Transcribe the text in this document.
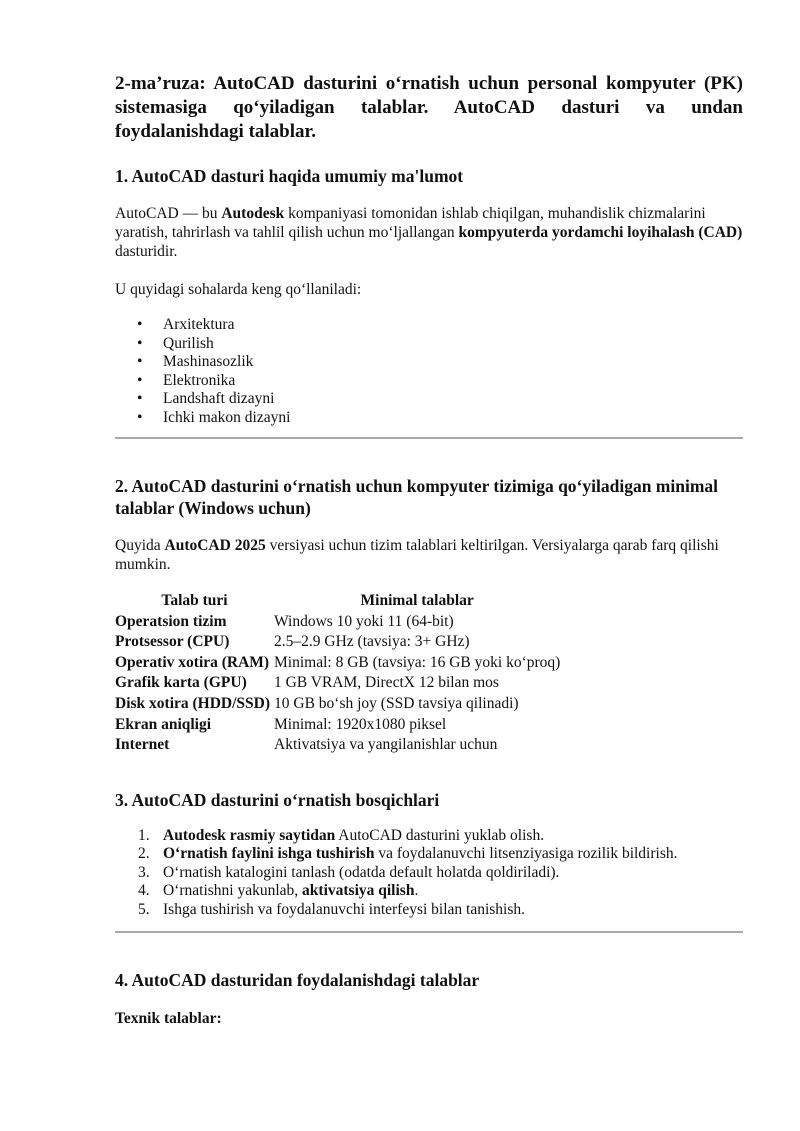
2-ma’ruza: AutoCAD dasturini o‘rnatish uchun personal kompyuter (PK) sistemasiga qo‘yiladigan talablar. AutoCAD dasturi va undan foydalanishdagi talablar.
1. AutoCAD dasturi haqida umumiy ma'lumot

AutoCAD — bu Autodesk kompaniyasi tomonidan ishlab chiqilgan, muhandislik chizmalarini yaratish, tahrirlash va tahlil qilish uchun mo‘ljallangan kompyuterda yordamchi loyihalash (CAD) dasturidir.

U quyidagi sohalarda keng qo‘llaniladi:

• Arxitektura
• Qurilish
• Mashinasozlik
• Elektronika
• Landshaft dizayni
• Ichki makon dizayni
2. AutoCAD dasturini o‘rnatish uchun kompyuter tizimiga qo‘yiladigan minimal talablar (Windows uchun)

Quyida AutoCAD 2025 versiyasi uchun tizim talablari keltirilgan. Versiyalarga qarab farq qilishi mumkin.

Talab turi	Minimal talablar
Operatsion tizim	Windows 10 yoki 11 (64-bit)
Protsessor (CPU)	2.5–2.9 GHz (tavsiya: 3+ GHz)
Operativ xotira (RAM)	Minimal: 8 GB (tavsiya: 16 GB yoki ko‘proq)
Grafik karta (GPU)	1 GB VRAM, DirectX 12 bilan mos
Disk xotira (HDD/SSD)	10 GB bo‘sh joy (SSD tavsiya qilinadi)
Ekran aniqligi	Minimal: 1920x1080 piksel
Internet	Aktivatsiya va yangilanishlar uchun
3. AutoCAD dasturini o‘rnatish bosqichlari
1. Autodesk rasmiy saytidan AutoCAD dasturini yuklab olish.
2. O‘rnatish faylini ishga tushirish va foydalanuvchi litsenziyasiga rozilik bildirish.
3. O‘rnatish katalogini tanlash (odatda default holatda qoldiriladi).
4. O‘rnatishni yakunlab, aktivatsiya qilish.
5. Ishga tushirish va foydalanuvchi interfeysi bilan tanishish.
4. AutoCAD dasturidan foydalanishdagi talablar

Texnik talablar:
